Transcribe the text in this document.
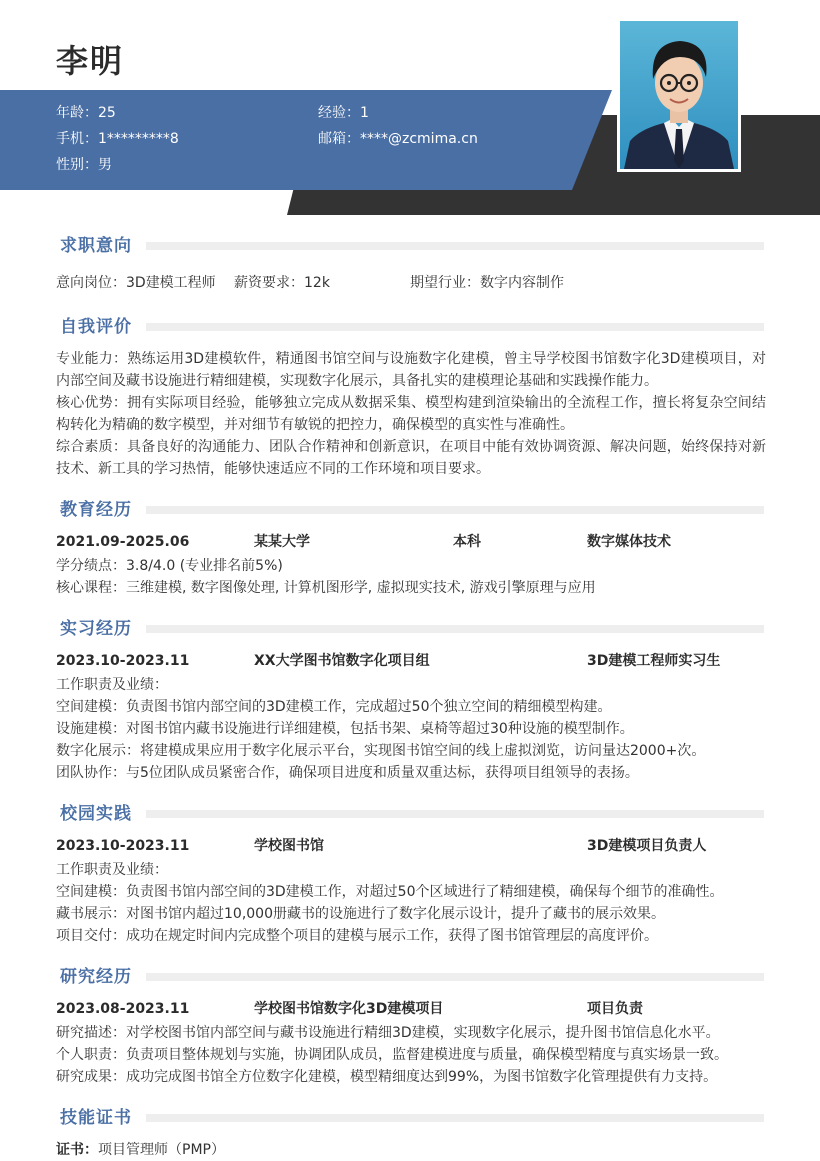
李明
年龄：25	经验：1
手机：1*********8	邮箱：****@zcmima.cn
性别：男
求职意向
意向岗位：3D建模工程师 薪资要求：12k	期望行业：数字内容制作
自我评价
专业能力：熟练运用3D建模软件，精通图书馆空间与设施数字化建模，曾主导学校图书馆数字化3D建模项目，对内部空间及藏书设施进行精细建模，实现数字化展示，具备扎实的建模理论基础和实践操作能力。
核心优势：拥有实际项目经验，能够独立完成从数据采集、模型构建到渲染输出的全流程工作，擅长将复杂空间结构转化为精确的数字模型，并对细节有敏锐的把控力，确保模型的真实性与准确性。
综合素质：具备良好的沟通能力、团队合作精神和创新意识，在项目中能有效协调资源、解决问题，始终保持对新技术、新工具的学习热情，能够快速适应不同的工作环境和项目要求。
教育经历
2021.09-2025.06	某某大学	本科	数字媒体技术
学分绩点：3.8/4.0 (专业排名前5%)
核心课程：三维建模, 数字图像处理, 计算机图形学, 虚拟现实技术, 游戏引擎原理与应用
实习经历
2023.10-2023.11	XX大学图书馆数字化项目组	3D建模工程师实习生
工作职责及业绩：
空间建模：负责图书馆内部空间的3D建模工作，完成超过50个独立空间的精细模型构建。
设施建模：对图书馆内藏书设施进行详细建模，包括书架、桌椅等超过30种设施的模型制作。
数字化展示：将建模成果应用于数字化展示平台，实现图书馆空间的线上虚拟浏览，访问量达2000+次。
团队协作：与5位团队成员紧密合作，确保项目进度和质量双重达标，获得项目组领导的表扬。
校园实践
2023.10-2023.11	学校图书馆	3D建模项目负责人
工作职责及业绩：
空间建模：负责图书馆内部空间的3D建模工作，对超过50个区域进行了精细建模，确保每个细节的准确性。
藏书展示：对图书馆内超过10,000册藏书的设施进行了数字化展示设计，提升了藏书的展示效果。
项目交付：成功在规定时间内完成整个项目的建模与展示工作，获得了图书馆管理层的高度评价。
研究经历
2023.08-2023.11	学校图书馆数字化3D建模项目	项目负责
研究描述：对学校图书馆内部空间与藏书设施进行精细3D建模，实现数字化展示，提升图书馆信息化水平。
个人职责：负责项目整体规划与实施，协调团队成员，监督建模进度与质量，确保模型精度与真实场景一致。
研究成果：成功完成图书馆全方位数字化建模，模型精细度达到99%，为图书馆数字化管理提供有力支持。
技能证书
证书：项目管理师（PMP）
